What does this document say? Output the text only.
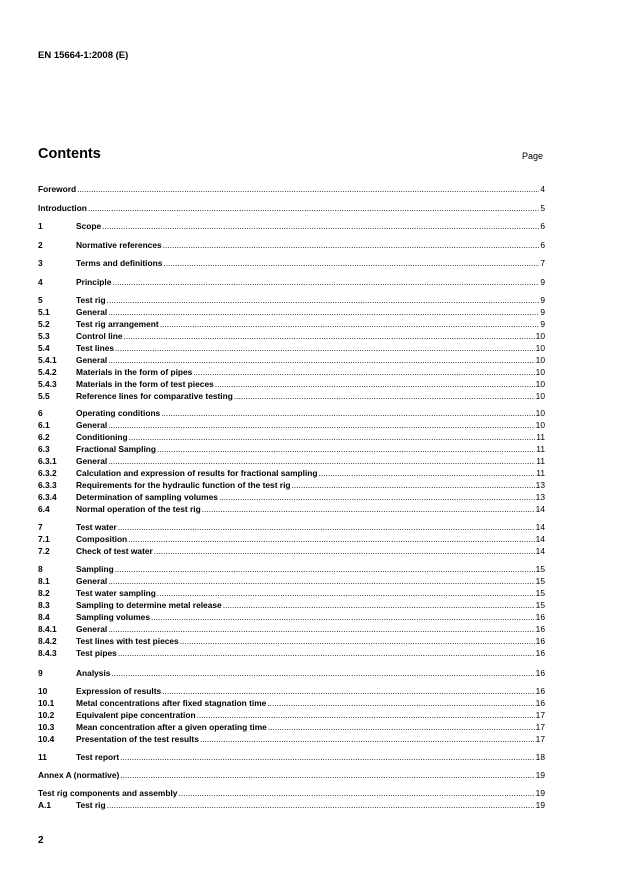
EN 15664-1:2008 (E)
Contents	Page
Foreword .....	4
Introduction .....	5
1	Scope .....	6
2	Normative references .....	6
3	Terms and definitions .....	7
4	Principle .....	9
5	Test rig .....	9
5.1	General .....	9
5.2	Test rig arrangement .....	9
5.3	Control line .....	10
5.4	Test lines .....	10
5.4.1	General .....	10
5.4.2	Materials in the form of pipes .....	10
5.4.3	Materials in the form of test pieces .....	10
5.5	Reference lines for comparative testing .....	10
6	Operating conditions .....	10
6.1	General .....	10
6.2	Conditioning .....	11
6.3	Fractional Sampling .....	11
6.3.1	General .....	11
6.3.2	Calculation and expression of results for fractional sampling .....	11
6.3.3	Requirements for the hydraulic function of the test rig .....	13
6.3.4	Determination of sampling volumes .....	13
6.4	Normal operation of the test rig .....	14
7	Test water .....	14
7.1	Composition .....	14
7.2	Check of test water .....	14
8	Sampling .....	15
8.1	General .....	15
8.2	Test water sampling .....	15
8.3	Sampling to determine metal release .....	15
8.4	Sampling volumes .....	16
8.4.1	General .....	16
8.4.2	Test lines with test pieces .....	16
8.4.3	Test pipes .....	16
9	Analysis .....	16
10	Expression of results .....	16
10.1	Metal concentrations after fixed stagnation time .....	16
10.2	Equivalent pipe concentration .....	17
10.3	Mean concentration after a given operating time .....	17
10.4	Presentation of the test results .....	17
11	Test report .....	18
Annex A (normative) .....	19
Test rig components and assembly .....	19
A.1	Test rig .....	19
2
